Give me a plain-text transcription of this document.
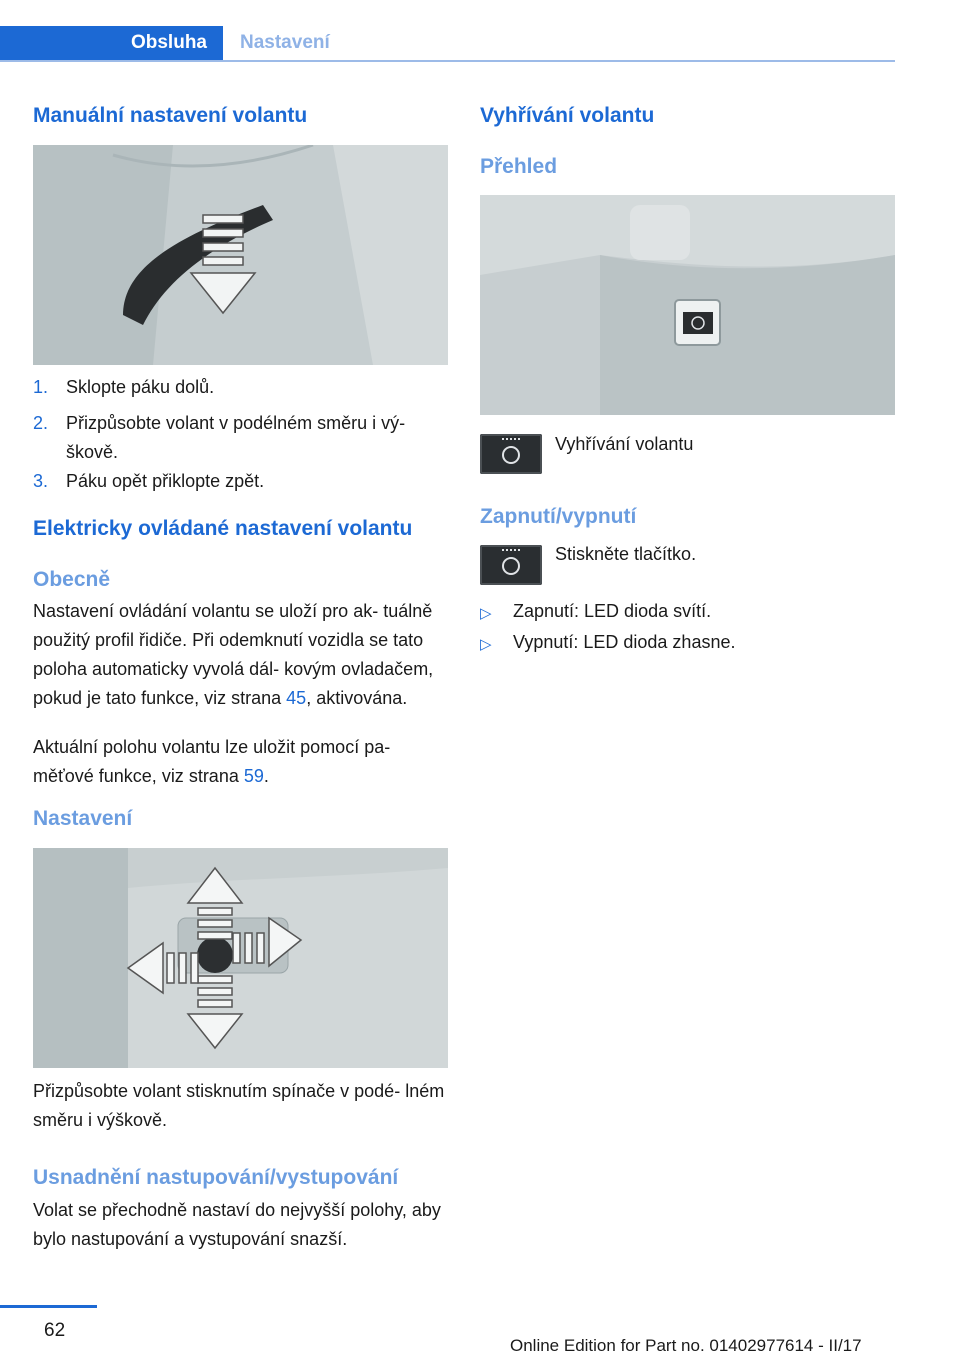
Obsluha Nastavení
Manuální nastavení volantu
1. Sklopte páku dolů.
2. Přizpůsobte volant v podélném směru i vý‐ škově.
3. Páku opět přiklopte zpět.
Elektricky ovládané nastavení volantu
Obecně
Nastavení ovládání volantu se uloží pro ak‐ tuálně použitý profil řidiče. Při odemknutí vozidla se tato poloha automaticky vyvolá dál‐ kovým ovladačem, pokud je tato funkce, viz strana 45, aktivována.
Aktuální polohu volantu lze uložit pomocí pa‐ měťové funkce, viz strana 59.
Nastavení
Přizpůsobte volant stisknutím spínače v podé‐ lném směru i výškově.
Usnadnění nastupování/vystupování
Volat se přechodně nastaví do nejvyšší polohy, aby bylo nastupování a vystupování snazší.
Vyhřívání volantu
Přehled
Vyhřívání volantu
Zapnutí/vypnutí
Stiskněte tlačítko.
▷ Zapnutí: LED dioda svítí.
▷ Vypnutí: LED dioda zhasne.
62
Online Edition for Part no. 01402977614 - II/17
